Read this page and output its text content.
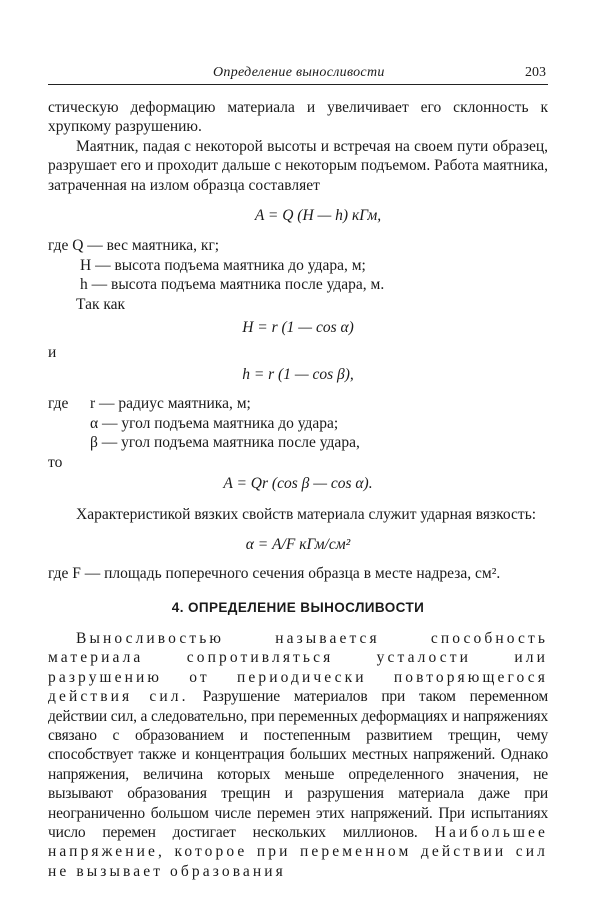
Определение выносливости	203

стическую деформацию материала и увеличивает его склонность к хрупкому разрушению.

Маятник, падая с некоторой высоты и встречая на своем пути образец, разрушает его и проходит дальше с некоторым подъемом. Работа маятника, затраченная на излом образца составляет

A = Q (H — h) кГм,

где Q — вес маятника, кг;

H — высота подъема маятника до удара, м;

h — высота подъема маятника после удара, м.

Так как

H = r (1 — cos α)

и

h = r (1 — cos β),

где	r — радиус маятника, м;

α — угол подъема маятника до удара;

β — угол подъема маятника после удара,

то

A = Qr (cos β — cos α).

Характеристикой вязких свойств материала служит ударная вязкость:

α = A/F кГм/см²

где F — площадь поперечного сечения образца в месте надреза, см².

4. ОПРЕДЕЛЕНИЕ ВЫНОСЛИВОСТИ

Выносливостью называется способность материала сопротивляться усталости или разрушению от периодически повторяющегося действия сил. Разрушение материалов при таком переменном действии сил, а следовательно, при переменных деформациях и напряжениях связано с образованием и постепенным развитием трещин, чему способствует также и концентрация больших местных напряжений. Однако напряжения, величина которых меньше определенного значения, не вызывают образования трещин и разрушения материала даже при неограниченно большом числе перемен этих напряжений. При испытаниях число перемен достигает нескольких миллионов. Наибольшее напряжение, которое при переменном действии сил не вызывает образования
